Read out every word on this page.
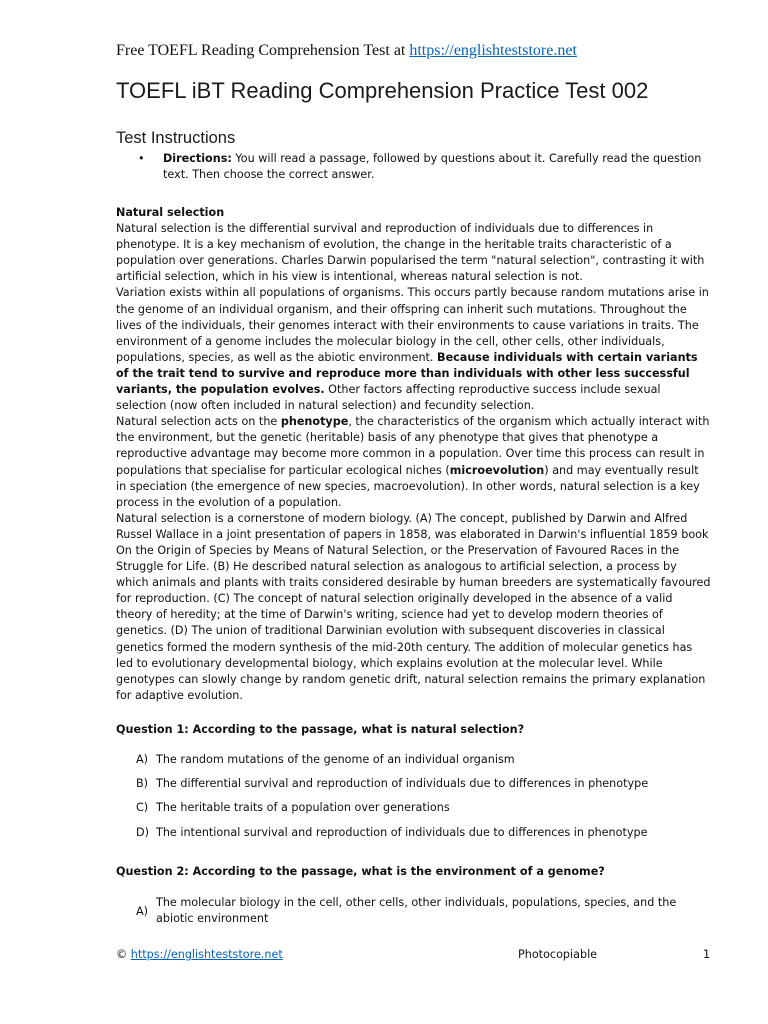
Free TOEFL Reading Comprehension Test at https://englishteststore.net
TOEFL iBT Reading Comprehension Practice Test 002
Test Instructions
• Directions: You will read a passage, followed by questions about it. Carefully read the question text. Then choose the correct answer.

Natural selection

Natural selection is the differential survival and reproduction of individuals due to differences in phenotype. It is a key mechanism of evolution, the change in the heritable traits characteristic of a population over generations. Charles Darwin popularised the term "natural selection", contrasting it with artificial selection, which in his view is intentional, whereas natural selection is not.

Variation exists within all populations of organisms. This occurs partly because random mutations arise in the genome of an individual organism, and their offspring can inherit such mutations. Throughout the lives of the individuals, their genomes interact with their environments to cause variations in traits. The environment of a genome includes the molecular biology in the cell, other cells, other individuals, populations, species, as well as the abiotic environment. Because individuals with certain variants of the trait tend to survive and reproduce more than individuals with other less successful variants, the population evolves. Other factors affecting reproductive success include sexual selection (now often included in natural selection) and fecundity selection.

Natural selection acts on the phenotype, the characteristics of the organism which actually interact with the environment, but the genetic (heritable) basis of any phenotype that gives that phenotype a reproductive advantage may become more common in a population. Over time this process can result in populations that specialise for particular ecological niches (microevolution) and may eventually result in speciation (the emergence of new species, macroevolution). In other words, natural selection is a key process in the evolution of a population.

Natural selection is a cornerstone of modern biology. (A) The concept, published by Darwin and Alfred Russel Wallace in a joint presentation of papers in 1858, was elaborated in Darwin's influential 1859 book On the Origin of Species by Means of Natural Selection, or the Preservation of Favoured Races in the Struggle for Life. (B) He described natural selection as analogous to artificial selection, a process by which animals and plants with traits considered desirable by human breeders are systematically favoured for reproduction. (C) The concept of natural selection originally developed in the absence of a valid theory of heredity; at the time of Darwin's writing, science had yet to develop modern theories of genetics. (D) The union of traditional Darwinian evolution with subsequent discoveries in classical genetics formed the modern synthesis of the mid-20th century. The addition of molecular genetics has led to evolutionary developmental biology, which explains evolution at the molecular level. While genotypes can slowly change by random genetic drift, natural selection remains the primary explanation for adaptive evolution.

Question 1: According to the passage, what is natural selection?
A) The random mutations of the genome of an individual organism
B) The differential survival and reproduction of individuals due to differences in phenotype
C) The heritable traits of a population over generations
D) The intentional survival and reproduction of individuals due to differences in phenotype
Question 2: According to the passage, what is the environment of a genome?
A)
The molecular biology in the cell, other cells, other individuals, populations, species, and the abiotic environment
© https://englishteststore.net	Photocopiable	1
